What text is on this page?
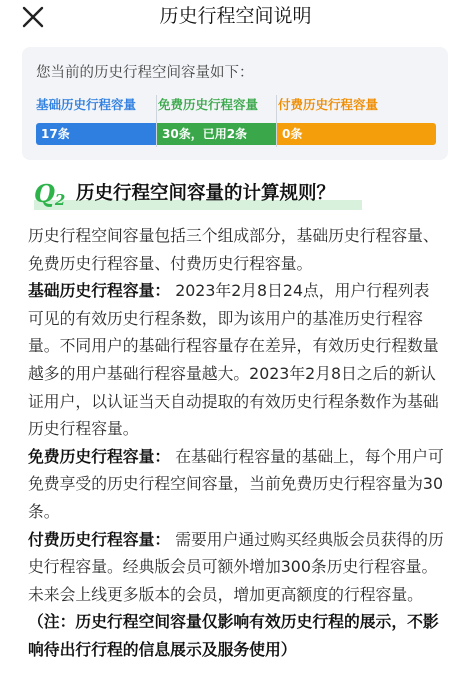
历史行程空间说明
您当前的历史行程空间容量如下：
基础历史行程容量 免费历史行程容量 付费历史行程容量
17条	30条，已用2条	0条
$Q_2$ 历史行程空间容量的计算规则？

历史行程空间容量包括三个组成部分，基础历史行程容量、免费历史行程容量、付费历史行程容量。

基础历史行程容量： 2023年2月8日24点，用户行程列表可见的有效历史行程条数，即为该用户的基准历史行程容量。不同用户的基础行程容量存在差异，有效历史行程数量越多的用户基础行程容量越大。2023年2月8日之后的新认证用户，以认证当天自动提取的有效历史行程条数作为基础历史行程容量。

免费历史行程容量： 在基础行程容量的基础上，每个用户可免费享受的历史行程空间容量，当前免费历史行程容量为30条。

付费历史行程容量： 需要用户通过购买经典版会员获得的历史行程容量。经典版会员可额外增加300条历史行程容量。未来会上线更多版本的会员，增加更高额度的行程容量。

（注：历史行程空间容量仅影响有效历史行程的展示，不影响待出行行程的信息展示及服务使用）
